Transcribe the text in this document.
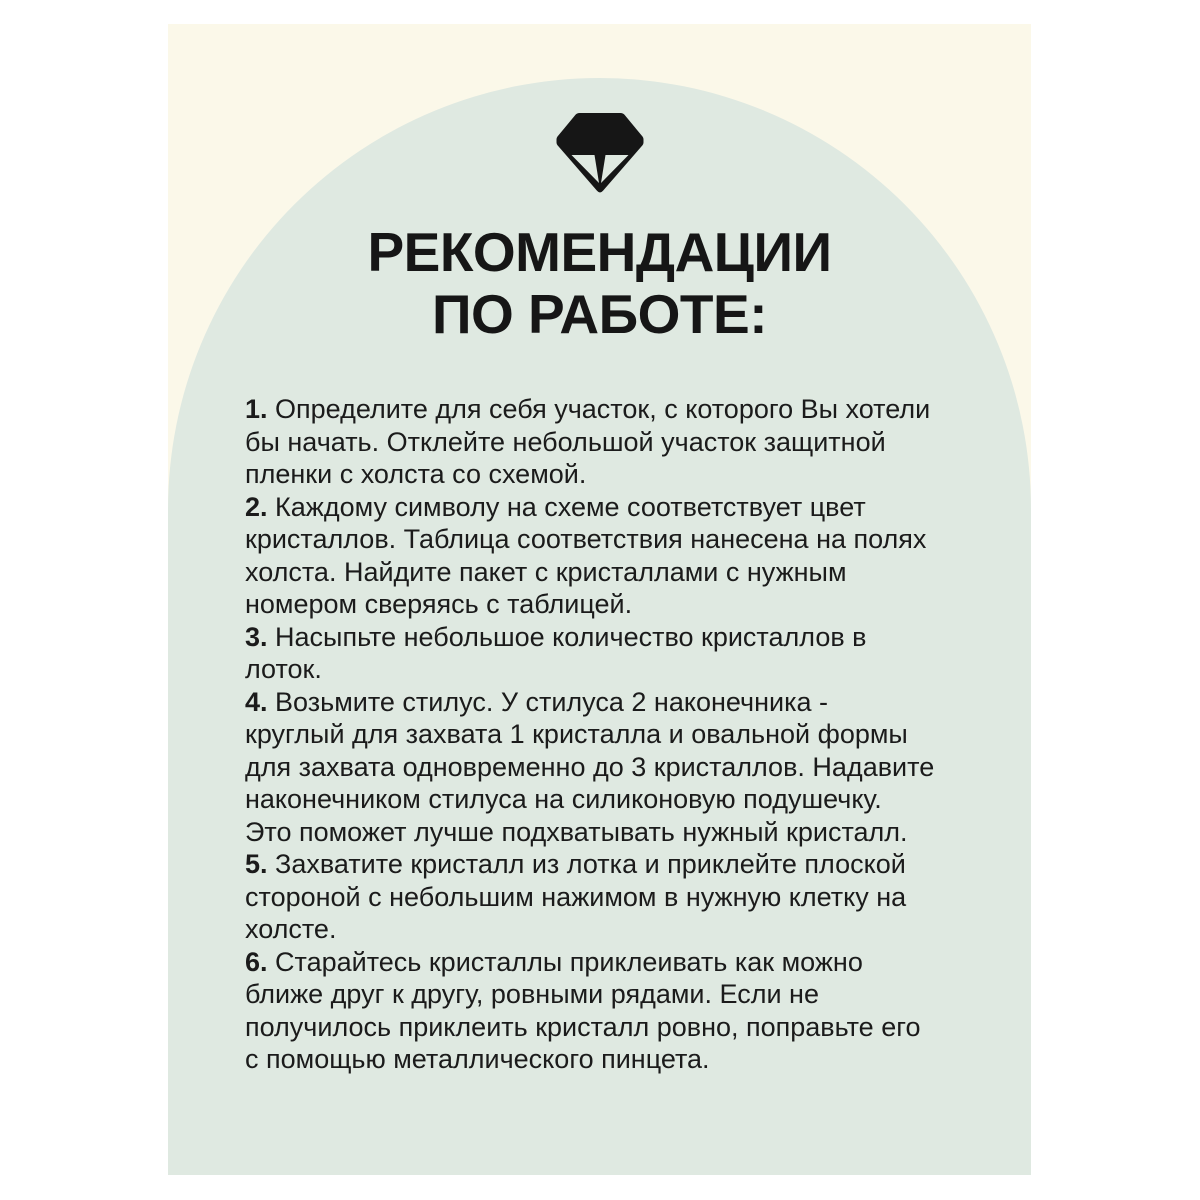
РЕКОМЕНДАЦИИ
ПО РАБОТЕ:
1. Определите для себя участок, с которого Вы хотели
бы начать. Отклейте небольшой участок защитной
пленки с холста со схемой.
2. Каждому символу на схеме соответствует цвет
кристаллов. Таблица соответствия нанесена на полях
холста. Найдите пакет с кристаллами с нужным
номером сверяясь с таблицей.
3. Насыпьте небольшое количество кристаллов в
лоток.
4. Возьмите стилус. У стилуса 2 наконечника -
круглый для захвата 1 кристалла и овальной формы
для захвата одновременно до 3 кристаллов. Надавите
наконечником стилуса на силиконовую подушечку.
Это поможет лучше подхватывать нужный кристалл.
5. Захватите кристалл из лотка и приклейте плоской
стороной с небольшим нажимом в нужную клетку на
холсте.
6. Старайтесь кристаллы приклеивать как можно
ближе друг к другу, ровными рядами. Если не
получилось приклеить кристалл ровно, поправьте его
с помощью металлического пинцета.
